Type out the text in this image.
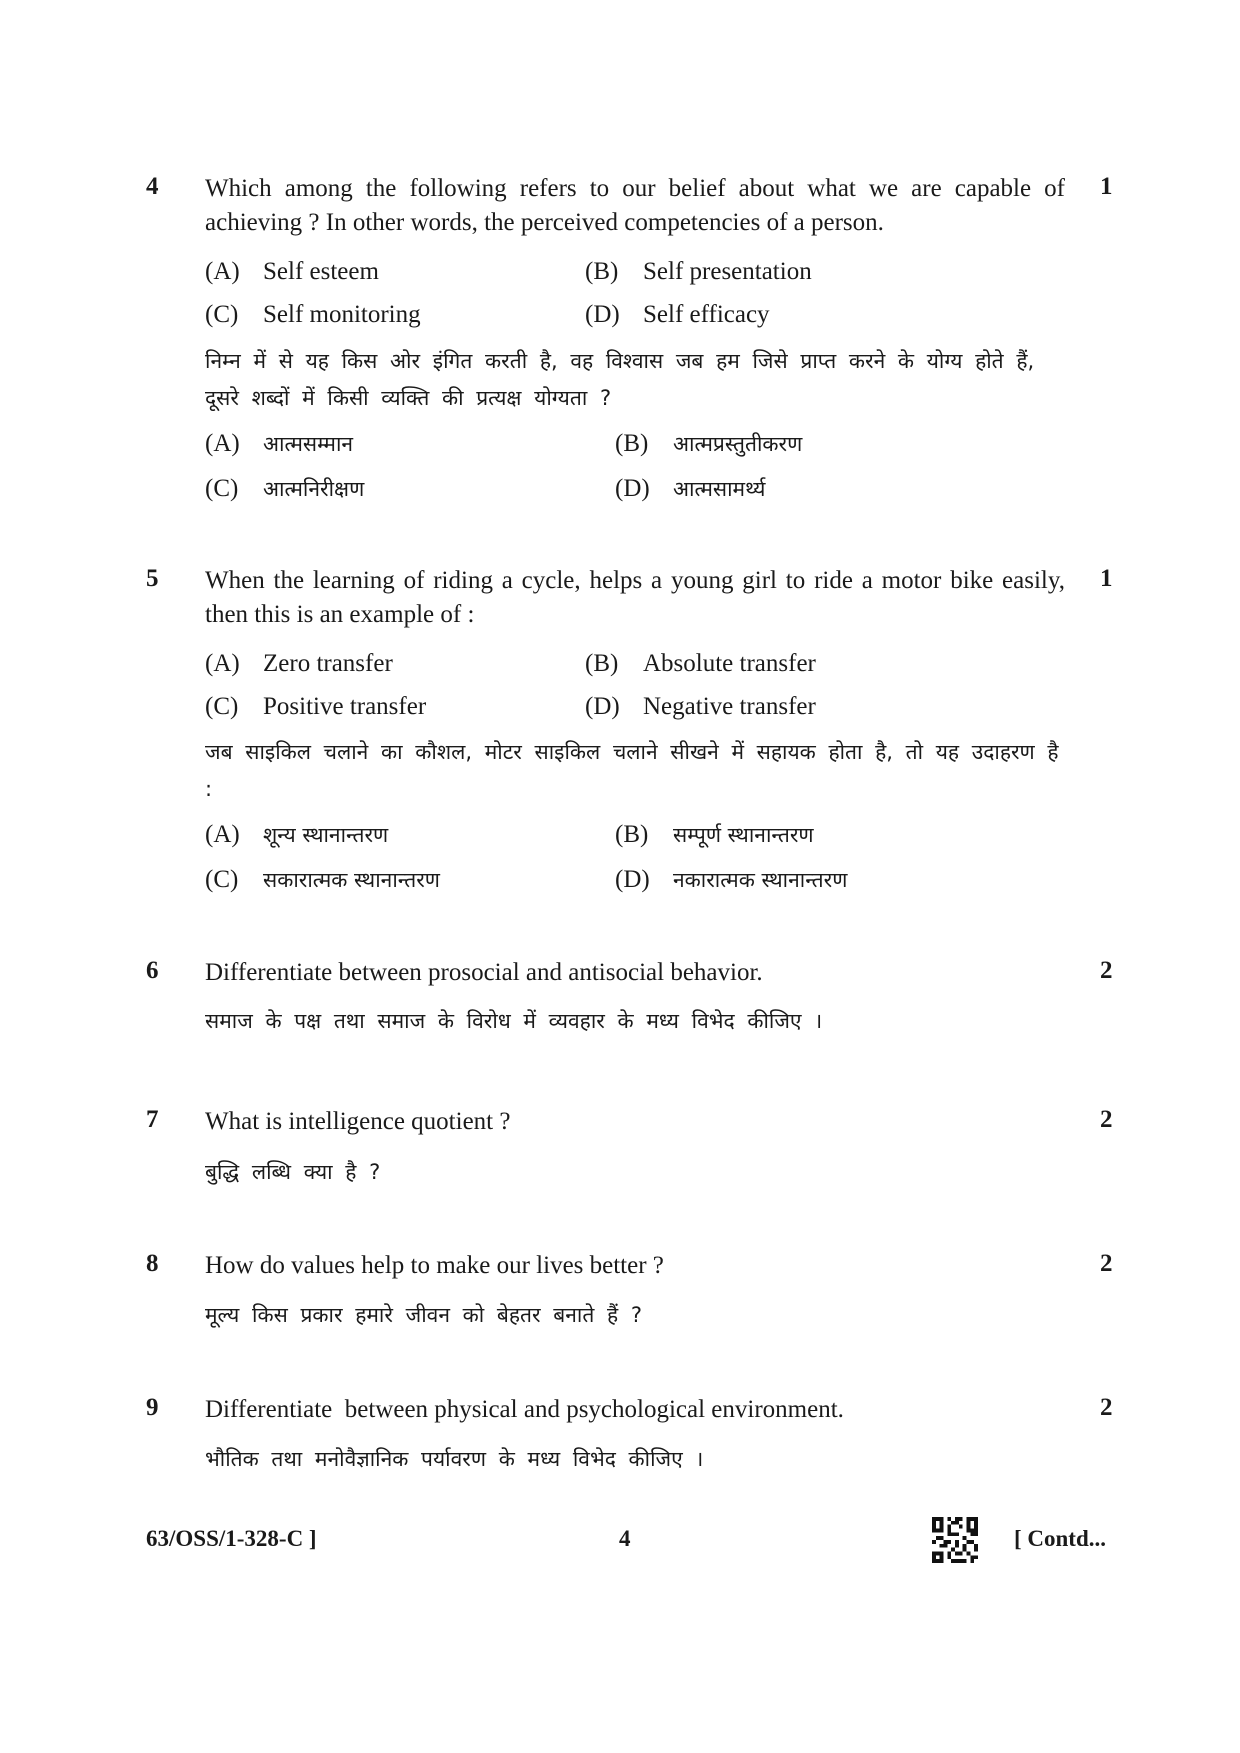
4	1
Which among the following refers to our belief about what we are capable of achieving ? In other words, the perceived competencies of a person.
(A) Self esteem	(B) Self presentation
(C) Self monitoring	(D) Self efficacy
निम्न में से यह किस ओर इंगित करती है, वह विश्वास जब हम जिसे प्राप्त करने के योग्य होते हैं, दूसरे शब्दों में किसी व्यक्ति की प्रत्यक्ष योग्यता ?
(A) आत्मसम्मान	(B) आत्मप्रस्तुतीकरण
(C) आत्मनिरीक्षण	(D) आत्मसामर्थ्य
5	1
When the learning of riding a cycle, helps a young girl to ride a motor bike easily, then this is an example of :
(A) Zero transfer	(B) Absolute transfer
(C) Positive transfer	(D) Negative transfer
जब साइकिल चलाने का कौशल, मोटर साइकिल चलाने सीखने में सहायक होता है, तो यह उदाहरण है :
(A) शून्य स्थानान्तरण	(B) सम्पूर्ण स्थानान्तरण
(C) सकारात्मक स्थानान्तरण	(D) नकारात्मक स्थानान्तरण
6	2
Differentiate between prosocial and antisocial behavior.
समाज के पक्ष तथा समाज के विरोध में व्यवहार के मध्य विभेद कीजिए ।
7	2
What is intelligence quotient ?
बुद्धि लब्धि क्या है ?
8	2
How do values help to make our lives better ?
मूल्य किस प्रकार हमारे जीवन को बेहतर बनाते हैं ?
9	2
Differentiate  between physical and psychological environment.
भौतिक तथा मनोवैज्ञानिक पर्यावरण के मध्य विभेद कीजिए ।
63/OSS/1-328-C ]	4	[ Contd...
